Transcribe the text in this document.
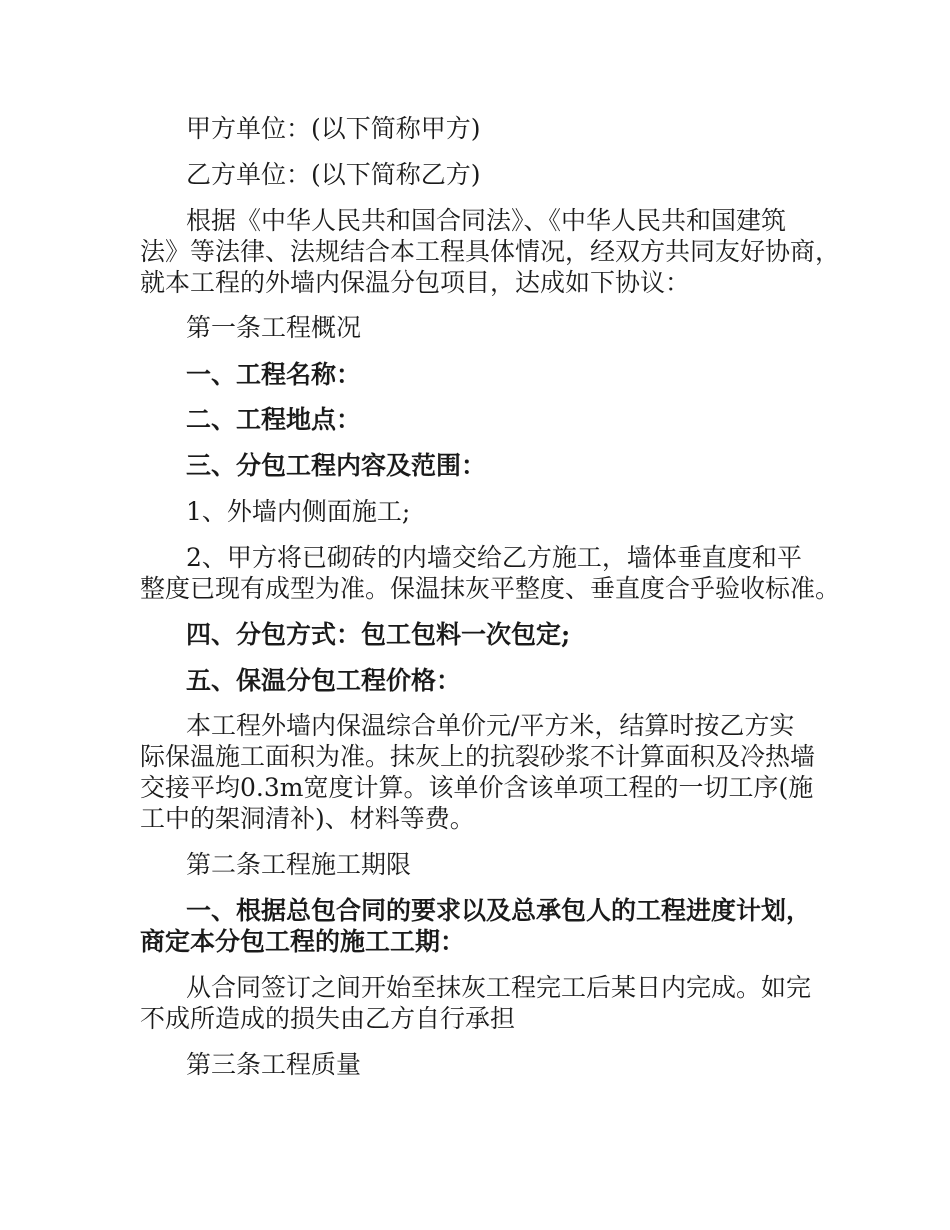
甲方单位：(以下简称甲方)

乙方单位：(以下简称乙方)

根据《中华人民共和国合同法》、《中华人民共和国建筑

法》等法律、法规结合本工程具体情况，经双方共同友好协商，

就本工程的外墙内保温分包项目，达成如下协议：

第一条工程概况

一、工程名称：

二、工程地点：

三、分包工程内容及范围：

1、外墙内侧面施工;

2、甲方将已砌砖的内墙交给乙方施工，墙体垂直度和平

整度已现有成型为准。保温抹灰平整度、垂直度合乎验收标准。

四、分包方式：包工包料一次包定;

五、保温分包工程价格：

本工程外墙内保温综合单价元/平方米，结算时按乙方实

际保温施工面积为准。抹灰上的抗裂砂浆不计算面积及冷热墙

交接平均0.3m宽度计算。该单价含该单项工程的一切工序(施

工中的架洞清补)、材料等费。

第二条工程施工期限

一、根据总包合同的要求以及总承包人的工程进度计划，

商定本分包工程的施工工期：

从合同签订之间开始至抹灰工程完工后某日内完成。如完

不成所造成的损失由乙方自行承担

第三条工程质量
